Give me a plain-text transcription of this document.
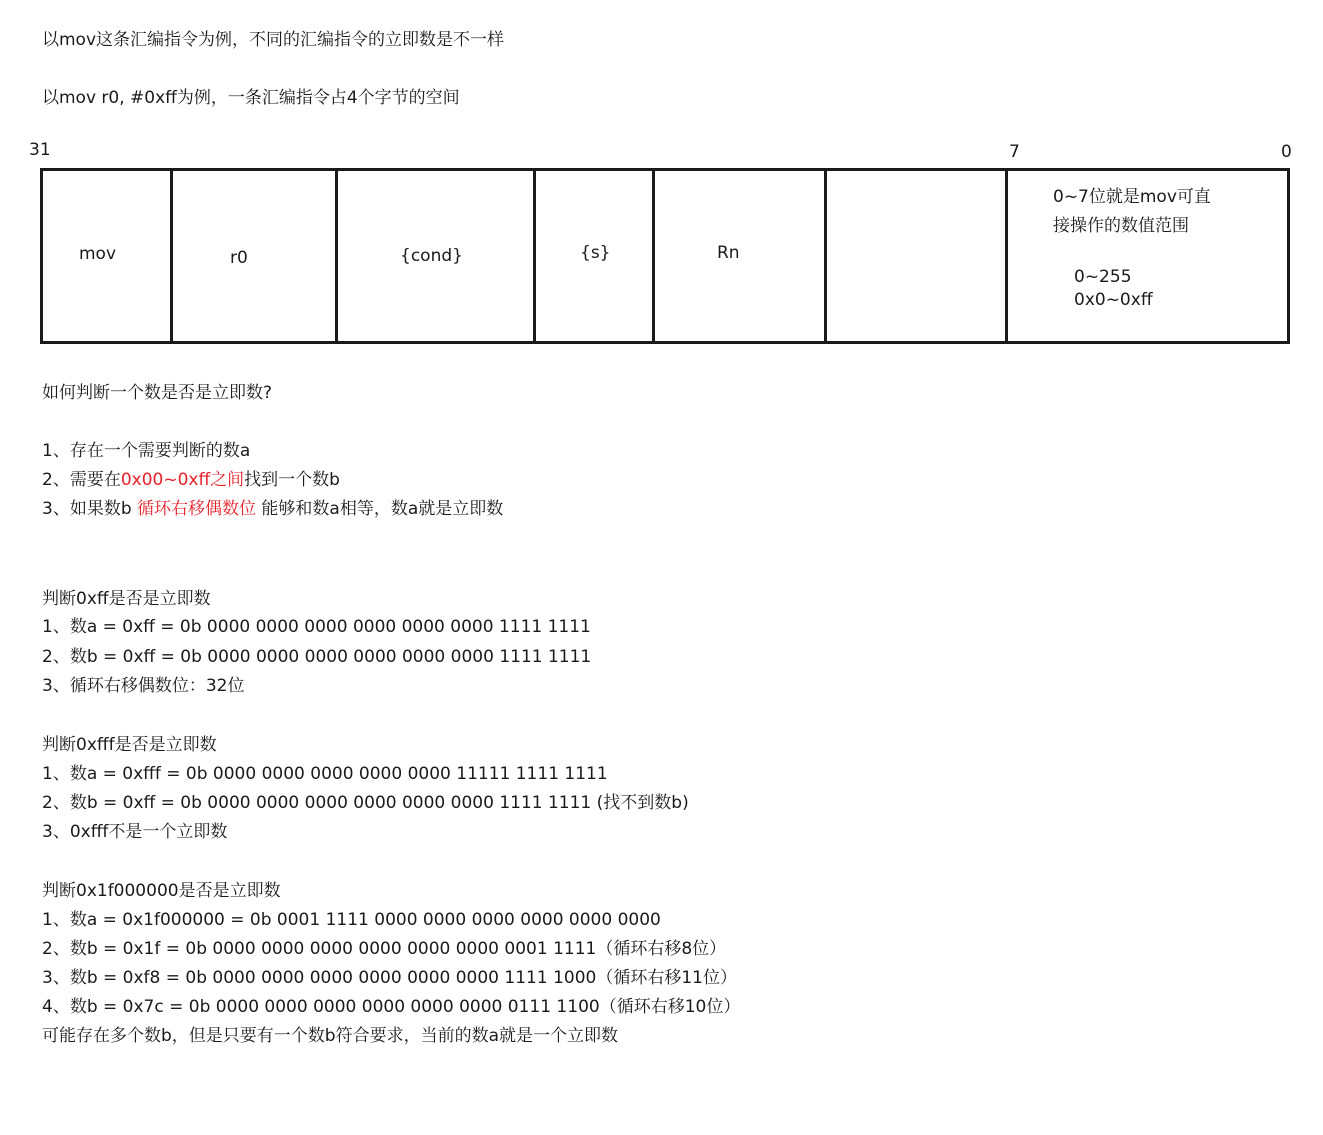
以mov这条汇编指令为例，不同的汇编指令的立即数是不一样
以mov r0, #0xff为例，一条汇编指令占4个字节的空间
31	7	0
mov	r0	{cond}	{s}	Rn
0~7位就是mov可直
接操作的数值范围
0~255
0x0~0xff
如何判断一个数是否是立即数?
1、存在一个需要判断的数a
2、需要在0x00~0xff之间找到一个数b
3、如果数b 循环右移偶数位 能够和数a相等，数a就是立即数
判断0xff是否是立即数
1、数a = 0xff = 0b 0000 0000 0000 0000 0000 0000 1111 1111
2、数b = 0xff = 0b 0000 0000 0000 0000 0000 0000 1111 1111
3、循环右移偶数位：32位
判断0xfff是否是立即数
1、数a = 0xfff = 0b 0000 0000 0000 0000 0000 11111 1111 1111
2、数b = 0xff = 0b 0000 0000 0000 0000 0000 0000 1111 1111 (找不到数b)
3、0xfff不是一个立即数
判断0x1f000000是否是立即数
1、数a = 0x1f000000 = 0b 0001 1111 0000 0000 0000 0000 0000 0000
2、数b = 0x1f = 0b 0000 0000 0000 0000 0000 0000 0001 1111（循环右移8位）
3、数b = 0xf8 = 0b 0000 0000 0000 0000 0000 0000 1111 1000（循环右移11位）
4、数b = 0x7c = 0b 0000 0000 0000 0000 0000 0000 0111 1100（循环右移10位）
可能存在多个数b，但是只要有一个数b符合要求，当前的数a就是一个立即数
